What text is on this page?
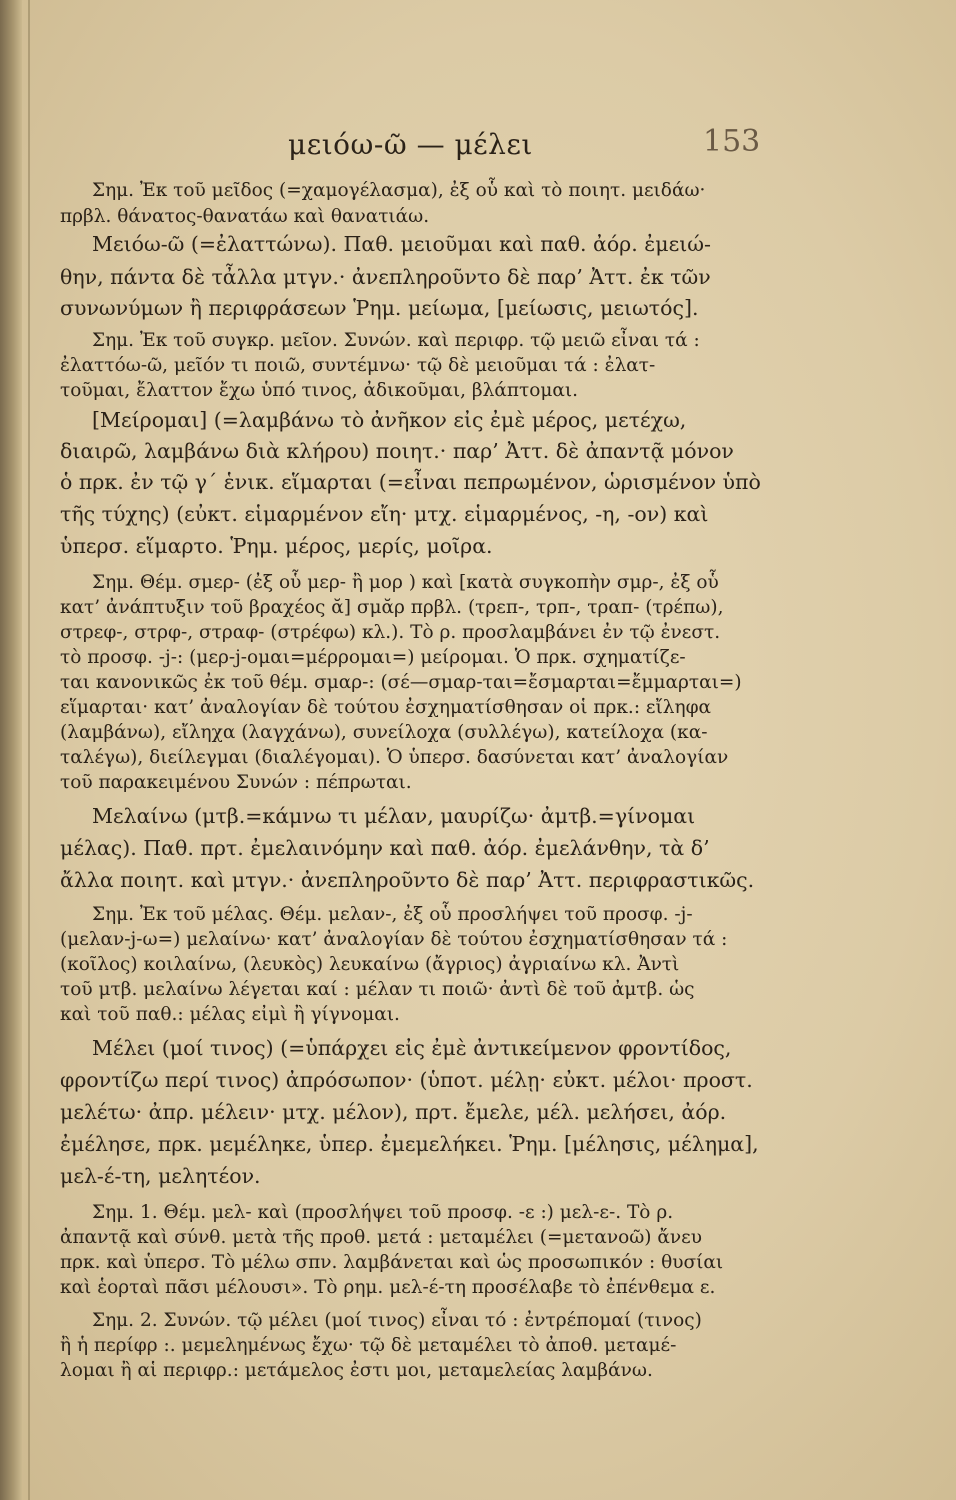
μειόω-ῶ — μέλει	153
Σημ. Ἐκ τοῦ μεῖδος (=χαμογέλασμα), ἐξ οὗ καὶ τὸ ποιητ. μειδάω·
πρβλ. θάνατος-θανατάω καὶ θανατιάω.
Μειόω-ῶ (=ἐλαττώνω). Παθ. μειοῦμαι καὶ παθ. ἀόρ. ἐμειώ-
θην, πάντα δὲ τἆλλα μτγν.· ἀνεπληροῦντο δὲ παρ’ Ἀττ. ἐκ τῶν
συνωνύμων ἢ περιφράσεων Ῥημ. μείωμα, [μείωσις, μειωτός].
Σημ. Ἐκ τοῦ συγκρ. μεῖον. Συνών. καὶ περιφρ. τῷ μειῶ εἶναι τά :
ἐλαττόω-ῶ, μεῖόν τι ποιῶ, συντέμνω· τῷ δὲ μειοῦμαι τά : ἐλατ-
τοῦμαι, ἔλαττον ἔχω ὑπό τινος, ἀδικοῦμαι, βλάπτομαι.
[Μείρομαι] (=λαμβάνω τὸ ἀνῆκον εἰς ἐμὲ μέρος, μετέχω,
διαιρῶ, λαμβάνω διὰ κλήρου) ποιητ.· παρ’ Ἀττ. δὲ ἀπαντᾷ μόνον
ὁ πρκ. ἐν τῷ γ΄ ἑνικ. εἵμαρται (=εἶναι πεπρωμένον, ὡρισμένον ὑπὸ
τῆς τύχης) (εὐκτ. εἱμαρμένον εἴη· μτχ. εἱμαρμένος, -η, -ον) καὶ
ὑπερσ. εἵμαρτο. Ῥημ. μέρος, μερίς, μοῖρα.
Σημ. Θέμ. σμερ- (ἐξ οὗ μερ- ἢ μορ ) καὶ [κατὰ συγκοπὴν σμρ-, ἐξ οὗ
κατ’ ἀνάπτυξιν τοῦ βραχέος ᾰ] σμᾰρ πρβλ. (τρεπ-, τρπ-, τραπ- (τρέπω),
στρεφ-, στρφ-, στραφ- (στρέφω) κλ.). Τὸ ρ. προσλαμβάνει ἐν τῷ ἐνεστ.
τὸ προσφ. -j-: (μερ-j-ομαι=μέρρομαι=) μείρομαι. Ὁ πρκ. σχηματίζε-
ται κανονικῶς ἐκ τοῦ θέμ. σμαρ-: (σέ—σμαρ-ται=ἔσμαρται=ἔμμαρται=)
εἵμαρται· κατ’ ἀναλογίαν δὲ τούτου ἐσχηματίσθησαν οἱ πρκ.: εἴληφα
(λαμβάνω), εἴληχα (λαγχάνω), συνείλοχα (συλλέγω), κατείλοχα (κα-
ταλέγω), διείλεγμαι (διαλέγομαι). Ὁ ὑπερσ. δασύνεται κατ’ ἀναλογίαν
τοῦ παρακειμένου Συνών : πέπρωται.
Μελαίνω (μτβ.=κάμνω τι μέλαν, μαυρίζω· ἀμτβ.=γίνομαι
μέλας). Παθ. πρτ. ἐμελαινόμην καὶ παθ. ἀόρ. ἐμελάνθην, τὰ δ’
ἄλλα ποιητ. καὶ μτγν.· ἀνεπληροῦντο δὲ παρ’ Ἀττ. περιφραστικῶς.
Σημ. Ἐκ τοῦ μέλας. Θέμ. μελαν-, ἐξ οὗ προσλήψει τοῦ προσφ. -j-
(μελαν-j-ω=) μελαίνω· κατ’ ἀναλογίαν δὲ τούτου ἐσχηματίσθησαν τά :
(κοῖλος) κοιλαίνω, (λευκὸς) λευκαίνω (ἄγριος) ἀγριαίνω κλ. Ἀντὶ
τοῦ μτβ. μελαίνω λέγεται καί : μέλαν τι ποιῶ· ἀντὶ δὲ τοῦ ἀμτβ. ὡς
καὶ τοῦ παθ.: μέλας εἰμὶ ἢ γίγνομαι.
Μέλει (μοί τινος) (=ὑπάρχει εἰς ἐμὲ ἀντικείμενον φροντίδος,
φροντίζω περί τινος) ἀπρόσωπον· (ὑποτ. μέλῃ· εὐκτ. μέλοι· προστ.
μελέτω· ἀπρ. μέλειν· μτχ. μέλον), πρτ. ἔμελε, μέλ. μελήσει, ἀόρ.
ἐμέλησε, πρκ. μεμέληκε, ὑπερ. ἐμεμελήκει. Ῥημ. [μέλησις, μέλημα],
μελ-έ-τη, μελητέον.
Σημ. 1. Θέμ. μελ- καὶ (προσλήψει τοῦ προσφ. -ε :) μελ-ε-. Τὸ ρ.
ἀπαντᾷ καὶ σύνθ. μετὰ τῆς προθ. μετά : μεταμέλει (=μετανοῶ) ἄνευ
πρκ. καὶ ὑπερσ. Τὸ μέλω σπν. λαμβάνεται καὶ ὡς προσωπικόν : θυσίαι
καὶ ἑορταὶ πᾶσι μέλουσι». Τὸ ρημ. μελ-έ-τη προσέλαβε τὸ ἐπένθεμα ε.
Σημ. 2. Συνών. τῷ μέλει (μοί τινος) εἶναι τό : ἐντρέπομαί (τινος)
ἢ ἡ περίφρ :. μεμελημένως ἔχω· τῷ δὲ μεταμέλει τὸ ἀποθ. μεταμέ-
λομαι ἢ αἱ περιφρ.: μετάμελος ἐστι μοι, μεταμελείας λαμβάνω.
